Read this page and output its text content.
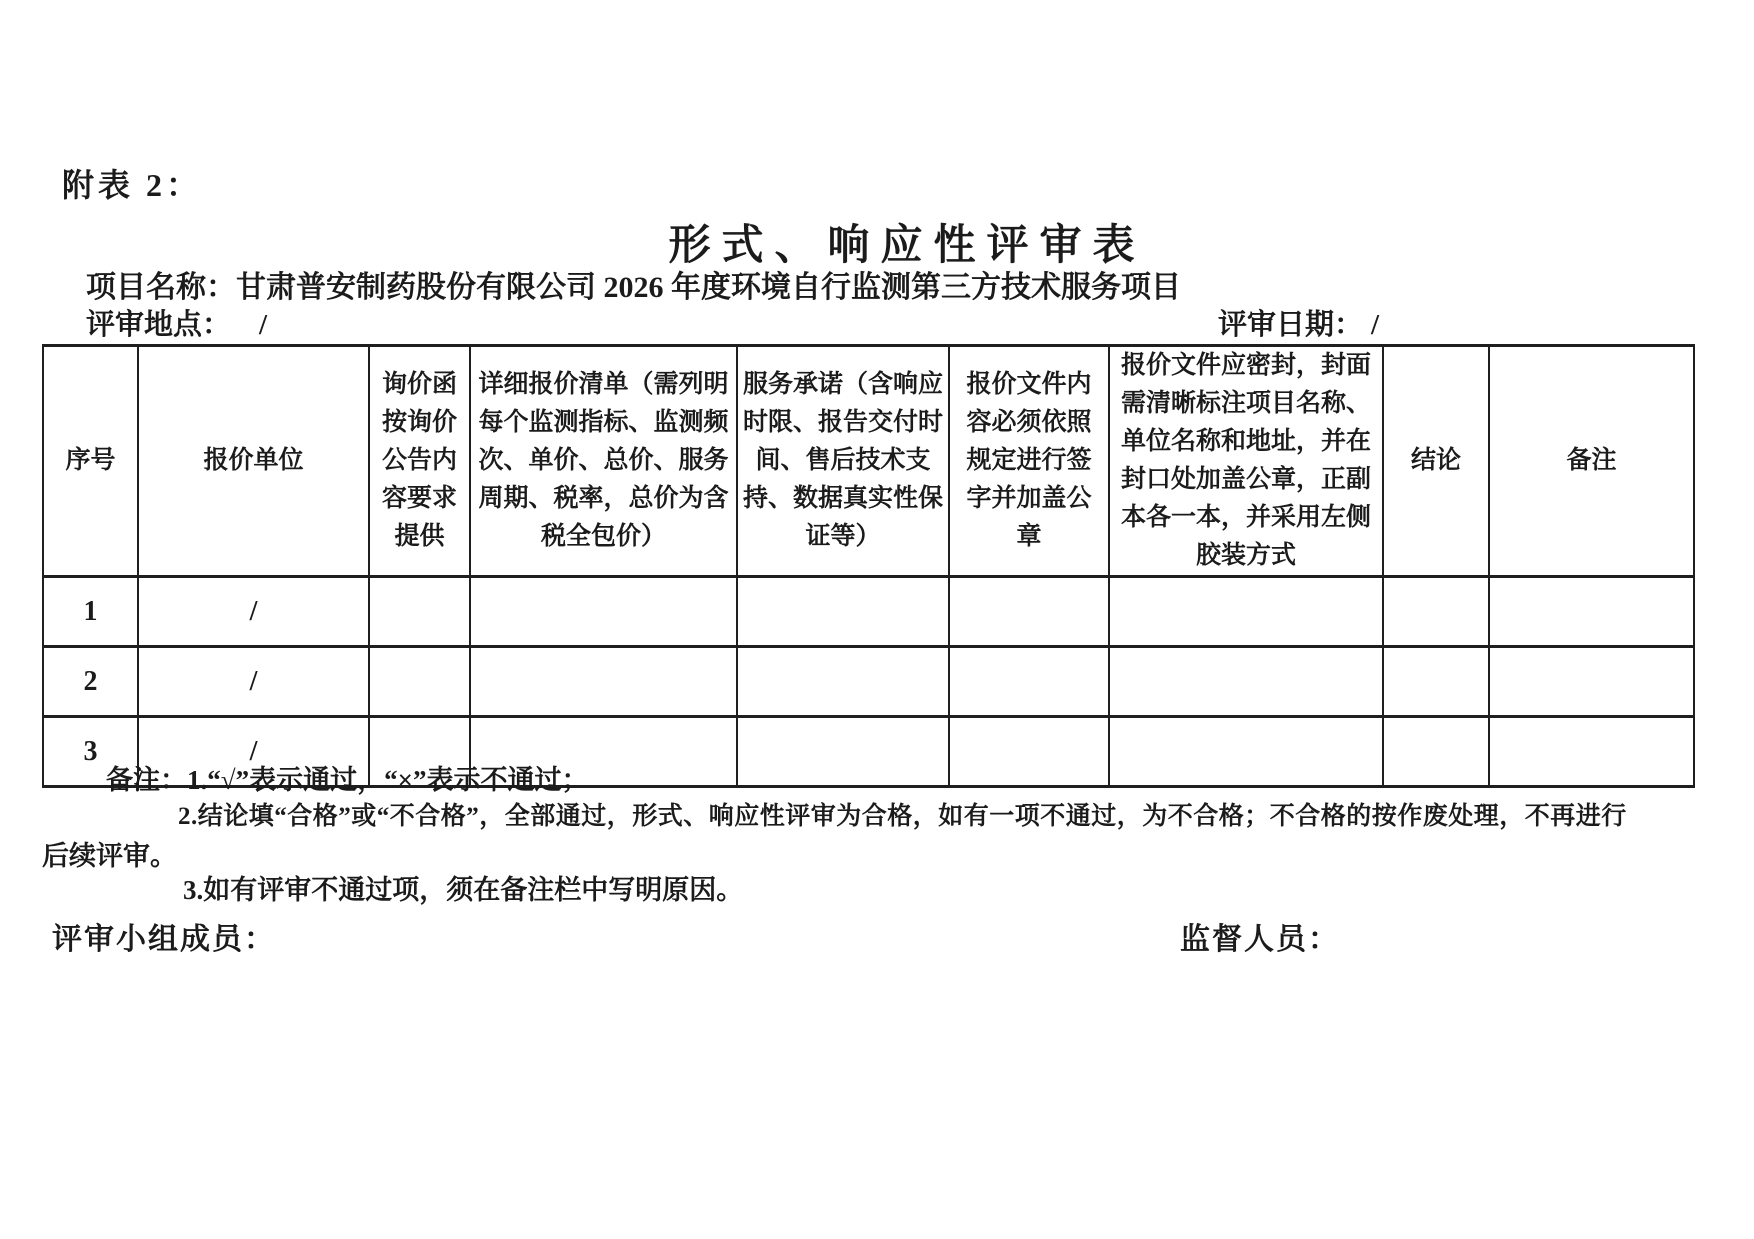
附表 2：
形式、响应性评审表
项目名称：甘肃普安制药股份有限公司 2026 年度环境自行监测第三方技术服务项目
评审地点： /	评审日期： /
序号	报价单位	询价函按询价公告内容要求提供	详细报价清单（需列明每个监测指标、监测频次、单价、总价、服务周期、税率，总价为含税全包价）	服务承诺（含响应时限、报告交付时间、售后技术支持、数据真实性保证等）	报价文件内容必须依照规定进行签字并加盖公章	报价文件应密封，封面需清晰标注项目名称、单位名称和地址，并在封口处加盖公章，正副本各一本，并采用左侧胶装方式	结论	备注
1	/							
2	/							
3	/							
备注：1.“√”表示通过，“×”表示不通过；
2.结论填“合格”或“不合格”，全部通过，形式、响应性评审为合格，如有一项不通过，为不合格；不合格的按作废处理，不再进行
后续评审。
3.如有评审不通过项，须在备注栏中写明原因。
评审小组成员：	监督人员：
